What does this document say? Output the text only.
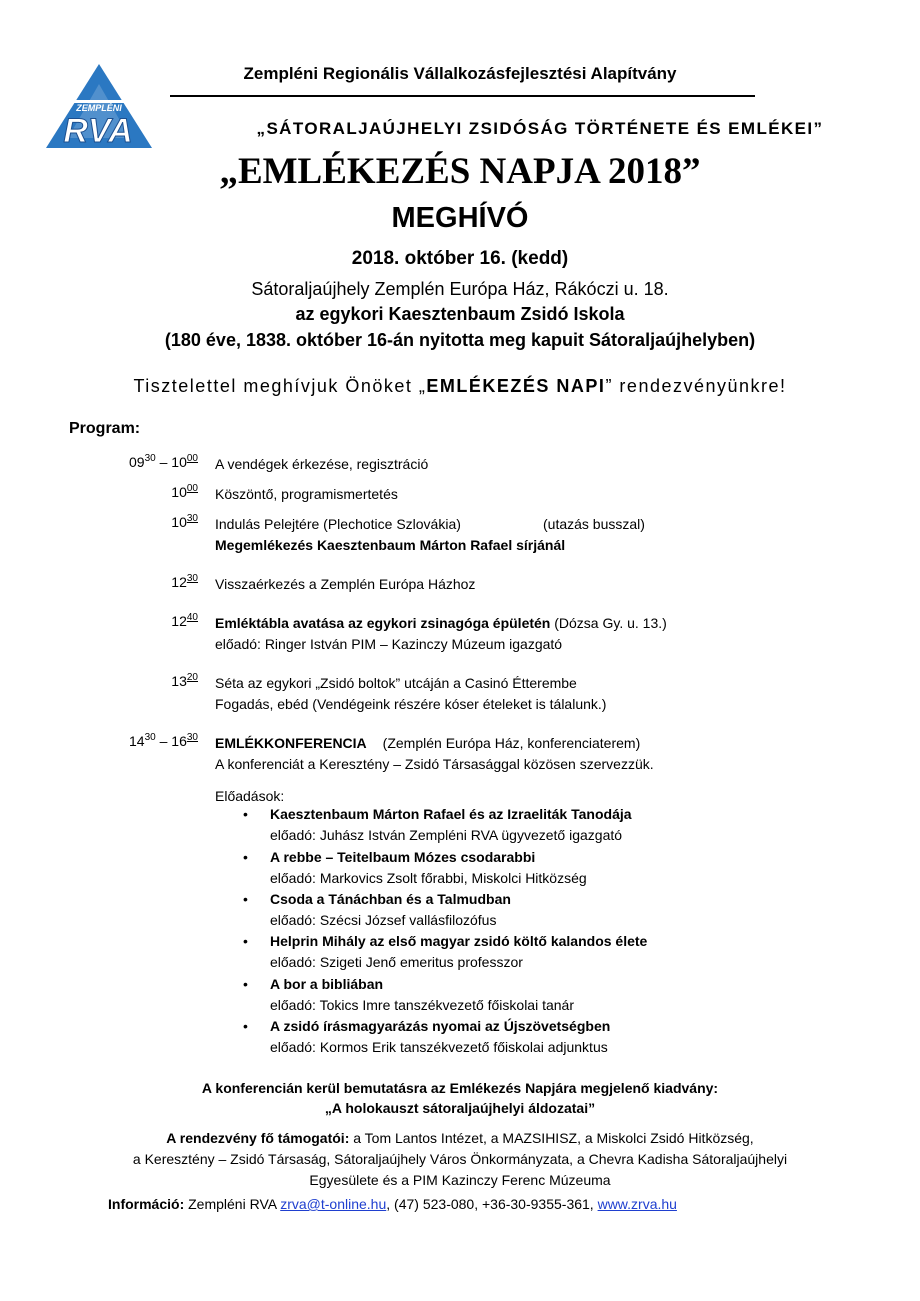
ZEMPLÉNI
RVA
Zempléni Regionális Vállalkozásfejlesztési Alapítvány
„SÁTORALJAÚJHELYI ZSIDÓSÁG TÖRTÉNETE ÉS EMLÉKEI”
„EMLÉKEZÉS NAPJA 2018”
MEGHÍVÓ
2018. október 16. (kedd)
Sátoraljaújhely Zemplén Európa Ház, Rákóczi u. 18.
az egykori Kaesztenbaum Zsidó Iskola
(180 éve, 1838. október 16-án nyitotta meg kapuit Sátoraljaújhelyben)
Tisztelettel meghívjuk Önöket „EMLÉKEZÉS NAPI” rendezvényünkre!
Program:
$09^{30} - 10^{00}$ A vendégek érkezése, regisztráció
$10^{00}$ Köszöntő, programismertetés
$10^{30}$ Indulás Pelejtére (Plechotice Szlovákia)	(utazás busszal)
Megemlékezés Kaesztenbaum Márton Rafael sírjánál
$12^{30}$ Visszaérkezés a Zemplén Európa Házhoz
$12^{40}$ Emléktábla avatása az egykori zsinagóga épületén (Dózsa Gy. u. 13.)
előadó: Ringer István PIM – Kazinczy Múzeum igazgató
$13^{20}$ Séta az egykori „Zsidó boltok” utcáján a Casinó Étterembe
Fogadás, ebéd (Vendégeink részére kóser ételeket is tálalunk.)
$14^{30} - 16^{30}$ EMLÉKKONFERENCIA (Zemplén Európa Ház, konferenciaterem)
A konferenciát a Keresztény – Zsidó Társasággal közösen szervezzük.
Előadások:
• Kaesztenbaum Márton Rafael és az Izraeliták Tanodája
előadó: Juhász István Zempléni RVA ügyvezető igazgató
• A rebbe – Teitelbaum Mózes csodarabbi
előadó: Markovics Zsolt főrabbi, Miskolci Hitközség
• Csoda a Tánáchban és a Talmudban
előadó: Szécsi József vallásfilozófus
• Helprin Mihály az első magyar zsidó költő kalandos élete
előadó: Szigeti Jenő emeritus professzor
• A bor a bibliában
előadó: Tokics Imre tanszékvezető főiskolai tanár
• A zsidó írásmagyarázás nyomai az Újszövetségben
előadó: Kormos Erik tanszékvezető főiskolai adjunktus
A konferencián kerül bemutatásra az Emlékezés Napjára megjelenő kiadvány:
„A holokauszt sátoraljaújhelyi áldozatai”
A rendezvény fő támogatói: a Tom Lantos Intézet, a MAZSIHISZ, a Miskolci Zsidó Hitközség,
a Keresztény – Zsidó Társaság, Sátoraljaújhely Város Önkormányzata, a Chevra Kadisha Sátoraljaújhelyi
Egyesülete és a PIM Kazinczy Ferenc Múzeuma
Információ: Zempléni RVA zrva@t-online.hu, (47) 523-080, +36-30-9355-361, www.zrva.hu
